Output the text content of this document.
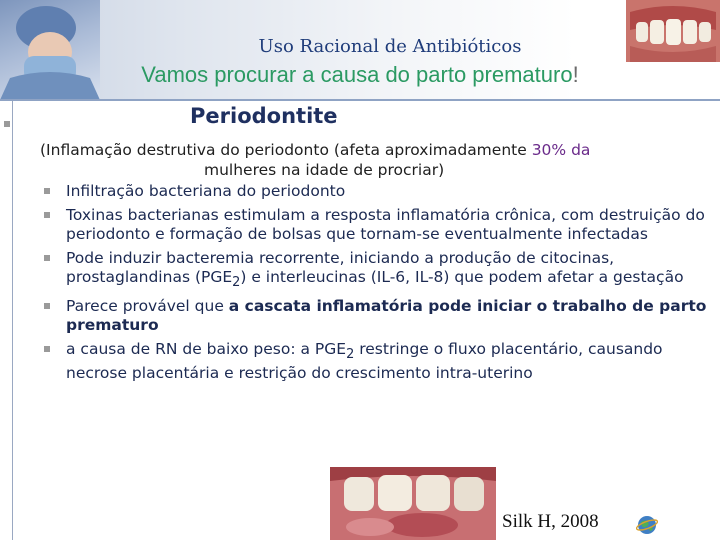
Uso Racional de Antibióticos
Vamos procurar a causa do parto prematuro!
Periodontite
(Inflamação destrutiva do periodonto (afeta aproximadamente 30% da
mulheres na idade de procriar)
Infiltração bacteriana do periodonto
Toxinas bacterianas estimulam a resposta inflamatória crônica, com destruição do periodonto e formação de bolsas que tornam-se eventualmente infectadas
Pode induzir bacteremia recorrente, iniciando a produção de citocinas, prostaglandinas $(PGE_2)$ e interleucinas (IL-6, IL-8) que podem afetar a gestação
Parece provável que a cascata inflamatória pode iniciar o trabalho de parto prematuro
a causa de RN de baixo peso: a $PGE_2$ restringe o fluxo placentário, causando necrose placentária e restrição do crescimento intra-uterino
Silk H, 2008
